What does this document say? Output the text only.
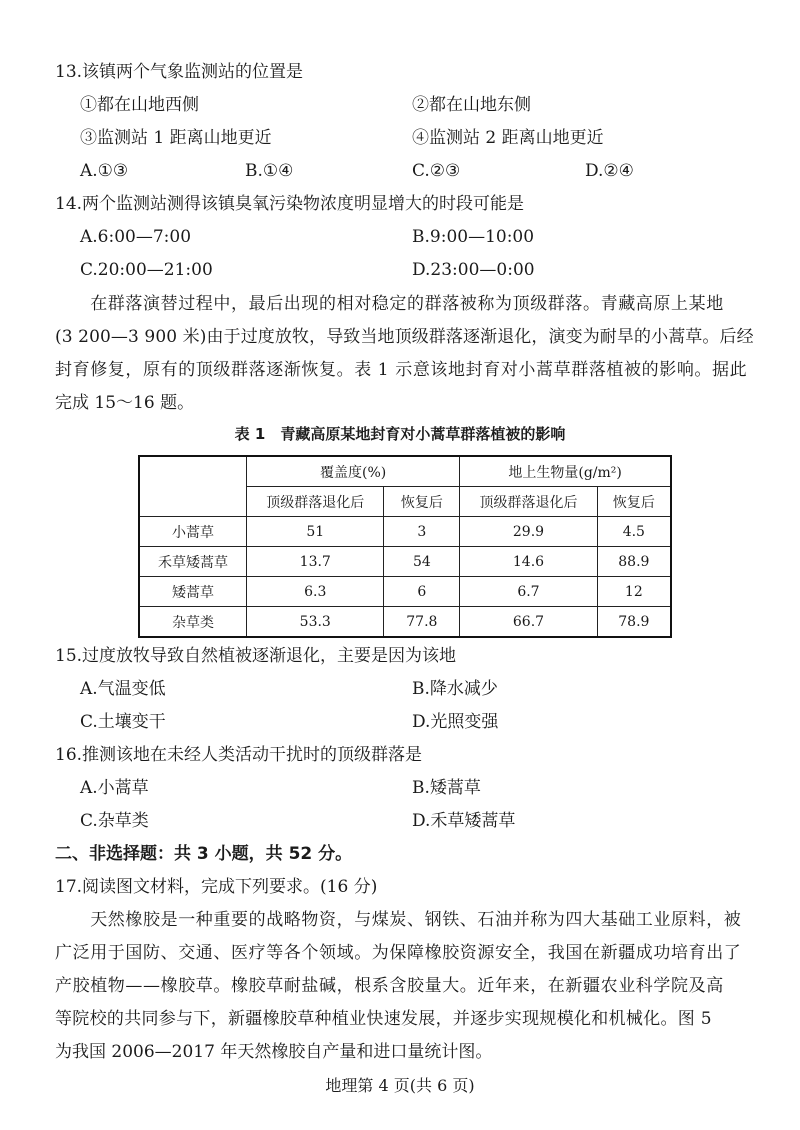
13.该镇两个气象监测站的位置是
①都在山地西侧	②都在山地东侧
③监测站 1 距离山地更近	④监测站 2 距离山地更近
A.①③	B.①④	C.②③	D.②④
14.两个监测站测得该镇臭氧污染物浓度明显增大的时段可能是
A.6:00—7:00	B.9:00—10:00
C.20:00—21:00	D.23:00—0:00
　　在群落演替过程中，最后出现的相对稳定的群落被称为顶级群落。青藏高原上某地
(3 200—3 900 米)由于过度放牧，导致当地顶级群落逐渐退化，演变为耐旱的小蒿草。后经
封育修复，原有的顶级群落逐渐恢复。表 1 示意该地封育对小蒿草群落植被的影响。据此
完成 15～16 题。
表 1　青藏高原某地封育对小蒿草群落植被的影响
	覆盖度(%)		地上生物量(g/m²)	
	顶级群落退化后	恢复后	顶级群落退化后	恢复后
小蒿草	51	3	29.9	4.5
禾草矮蒿草	13.7	54	14.6	88.9
矮蒿草	6.3	6	6.7	12
杂草类	53.3	77.8	66.7	78.9
15.过度放牧导致自然植被逐渐退化，主要是因为该地
A.气温变低	B.降水减少
C.土壤变干	D.光照变强
16.推测该地在未经人类活动干扰时的顶级群落是
A.小蒿草	B.矮蒿草
C.杂草类	D.禾草矮蒿草
二、非选择题：共 3 小题，共 52 分。
17.阅读图文材料，完成下列要求。(16 分)
　　天然橡胶是一种重要的战略物资，与煤炭、钢铁、石油并称为四大基础工业原料，被
广泛用于国防、交通、医疗等各个领域。为保障橡胶资源安全，我国在新疆成功培育出了
产胶植物——橡胶草。橡胶草耐盐碱，根系含胶量大。近年来，在新疆农业科学院及高
等院校的共同参与下，新疆橡胶草种植业快速发展，并逐步实现规模化和机械化。图 5
为我国 2006—2017 年天然橡胶自产量和进口量统计图。
地理第 4 页(共 6 页)
